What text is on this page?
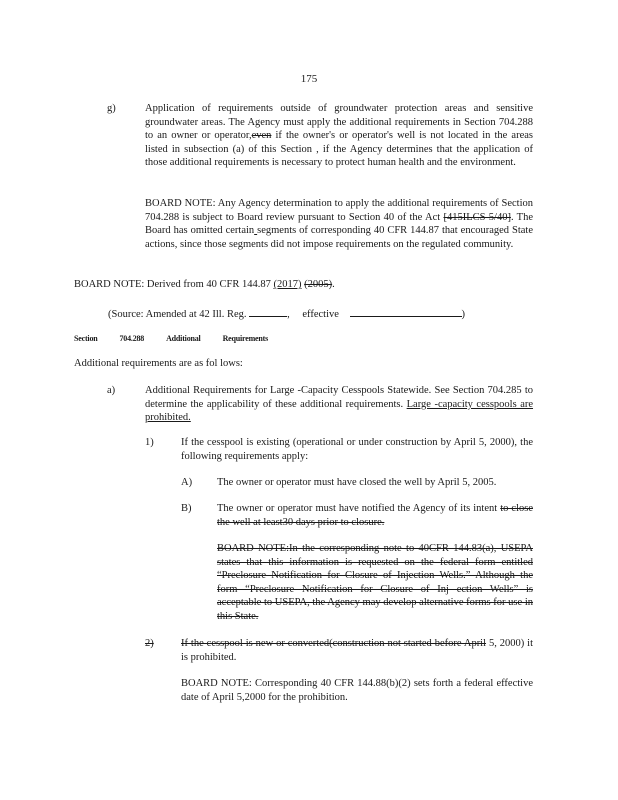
175
g)	Application of requirements outside of groundwater protection areas and sensitive groundwater areas. The Agency must apply the additional requirements in Section 704.288 to an owner or operator,even if the owner's or operator's well is not located in the areas listed in subsection (a) of this Section , if the Agency determines that the application of those additional requirements is necessary to protect human health and the environment.
BOARD NOTE: Any Agency determination to apply the additional requirements of Section 704.288 is subject to Board review pursuant to Section 40 of the Act [415ILCS 5/40]. The Board has omitted certain segments of corresponding 40 CFR 144.87 that encouraged State actions, since those segments did not impose requirements on the regulated community.
BOARD NOTE: Derived from 40 CFR 144.87 (2017) (2005).
(Source: Amended at 42 Ill. Reg.	, effective	)
Section	704.288	Additional	Requirements
Additional requirements are as fol lows:
a)	Additional Requirements for Large -Capacity Cesspools Statewide. See Section 704.285 to determine the applicability of these additional requirements. Large -capacity cesspools are prohibited.
1)	If the cesspool is existing (operational or under construction by April 5, 2000), the following requirements apply:
A) The owner or operator must have closed the well by April 5, 2005.
B) The owner or operator must have notified the Agency of its intent to close the well at least30 days prior to closure.
BOARD NOTE:In the corresponding note to 40CFR 144.83(a), USEPA states that this information is requested on the federal form entitled “Preclosure Notification for Closure of Injection Wells.” Although the form “Preclosure Notification for Closure of Inj ection Wells” is acceptable to USEPA, the Agency may develop alternative forms for use in this State.
2)	If the cesspool is new or converted(construction not started before April 5, 2000) it is prohibited.
BOARD NOTE: Corresponding 40 CFR 144.88(b)(2) sets forth a federal effective date of April 5,2000 for the prohibition.
